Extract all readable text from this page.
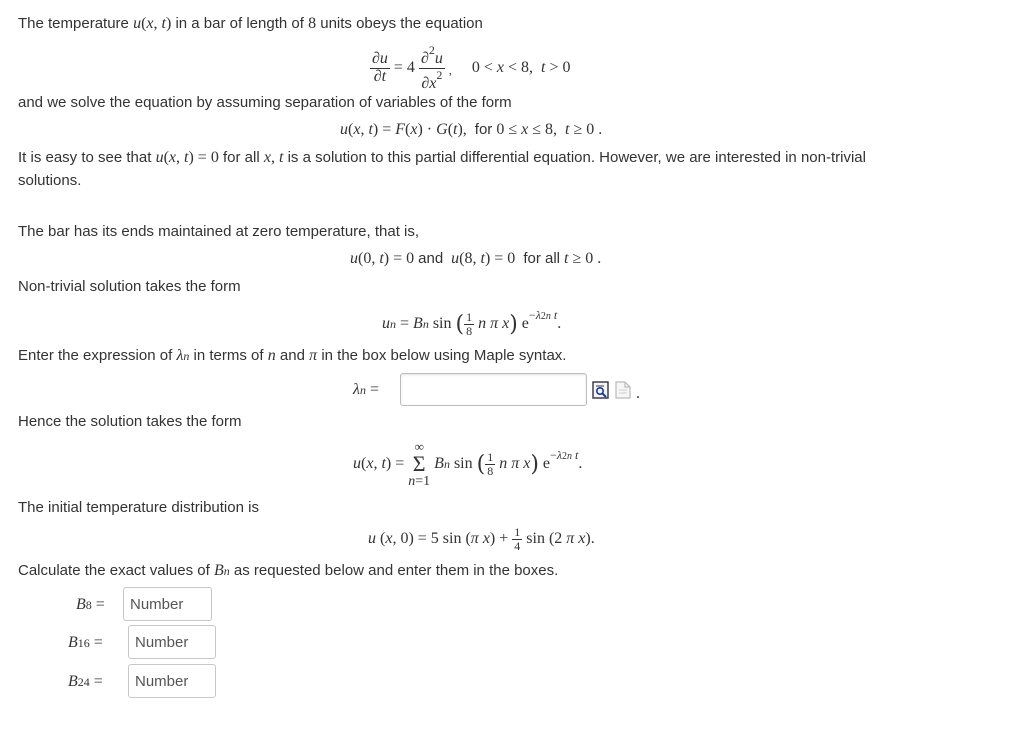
The temperature u(x, t) in a bar of length of 8 units obeys the equation
$\frac{\partial u}{\partial t} = 4 \frac{\partial^2u}{\partial x^2}$ ,     0 < x < 8,  t > 0
and we solve the equation by assuming separation of variables of the form
u(x, t) = F(x) · G(t),  for 0 ≤ x ≤ 8,  t ≥ 0 .
It is easy to see that u(x, t) = 0 for all x, t is a solution to this partial differential equation. However, we are interested in non-trivial
solutions.
The bar has its ends maintained at zero temperature, that is,
u(0, t) = 0 and u(8, t) = 0  for all t ≥ 0 .
Non-trivial solution takes the form
un = Bn sin ( $\frac{1}{8}$ n π x) $e^{-\lambda 2n t}$.
Enter the expression of λn in terms of n and π in the box below using Maple syntax.
λn =	.
Hence the solution takes the form
u(x, t) =
∞
Σ
n=1
Bn sin ( $\frac{1}{8}$ n π x) $e^{-\lambda 2n t}$.
The initial temperature distribution is
u (x, 0) = 5 sin (π $x) + \frac{1}{4}$ sin (2 π x).
Calculate the exact values of Bn as requested below and enter them in the boxes.
B8 =
Number
B16 =
Number
B24 =
Number
